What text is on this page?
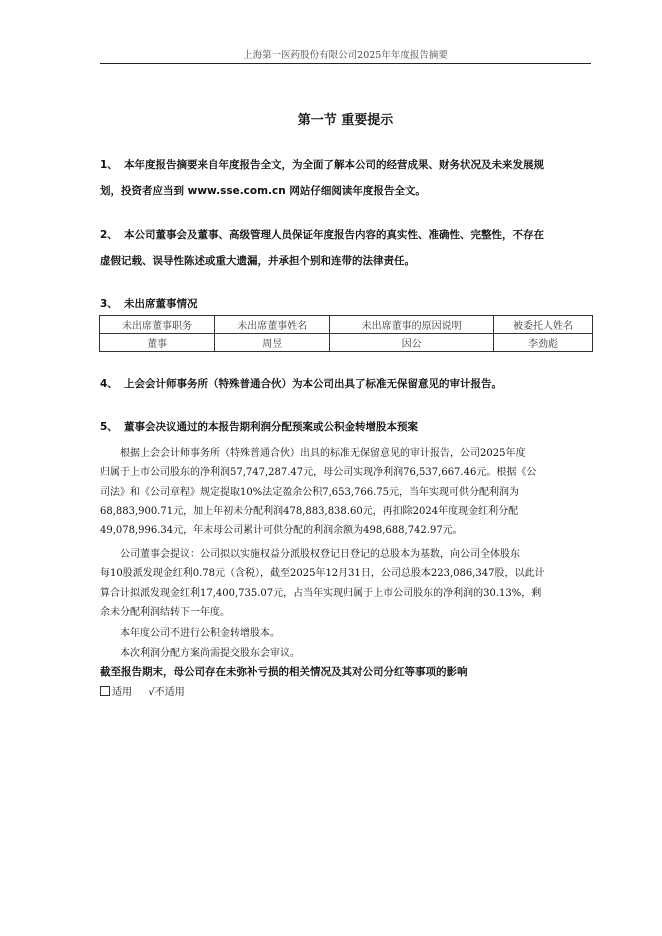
上海第一医药股份有限公司2025年年度报告摘要
第一节 重要提示
1、 本年度报告摘要来自年度报告全文，为全面了解本公司的经营成果、财务状况及未来发展规
划，投资者应当到 www.sse.com.cn 网站仔细阅读年度报告全文。
2、 本公司董事会及董事、高级管理人员保证年度报告内容的真实性、准确性、完整性，不存在
虚假记载、误导性陈述或重大遗漏，并承担个别和连带的法律责任。
3、 未出席董事情况
未出席董事职务	未出席董事姓名	未出席董事的原因说明	被委托人姓名
董事	周昱	因公	李劲彪
4、 上会会计师事务所（特殊普通合伙）为本公司出具了标准无保留意见的审计报告。
5、 董事会决议通过的本报告期利润分配预案或公积金转增股本预案
根据上会会计师事务所（特殊普通合伙）出具的标准无保留意见的审计报告，公司2025年度
归属于上市公司股东的净利润57,747,287.47元，母公司实现净利润76,537,667.46元。根据《公
司法》和《公司章程》规定提取10%法定盈余公积7,653,766.75元，当年实现可供分配利润为
68,883,900.71元，加上年初未分配利润478,883,838.60元，再扣除2024年度现金红利分配
49,078,996.34元，年末母公司累计可供分配的利润余额为498,688,742.97元。
公司董事会提议：公司拟以实施权益分派股权登记日登记的总股本为基数，向公司全体股东
每10股派发现金红利0.78元（含税），截至2025年12月31日，公司总股本223,086,347股，以此计
算合计拟派发现金红利17,400,735.07元，占当年实现归属于上市公司股东的净利润的30.13%，剩
余未分配利润结转下一年度。
本年度公司不进行公积金转增股本。
本次利润分配方案尚需提交股东会审议。
截至报告期末，母公司存在未弥补亏损的相关情况及其对公司分红等事项的影响
适用 √不适用
